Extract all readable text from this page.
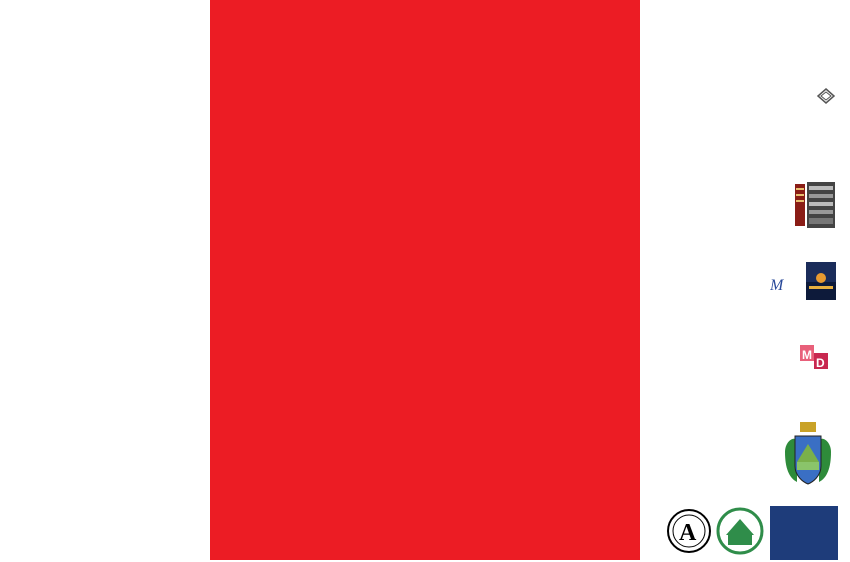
M
M
D
A
